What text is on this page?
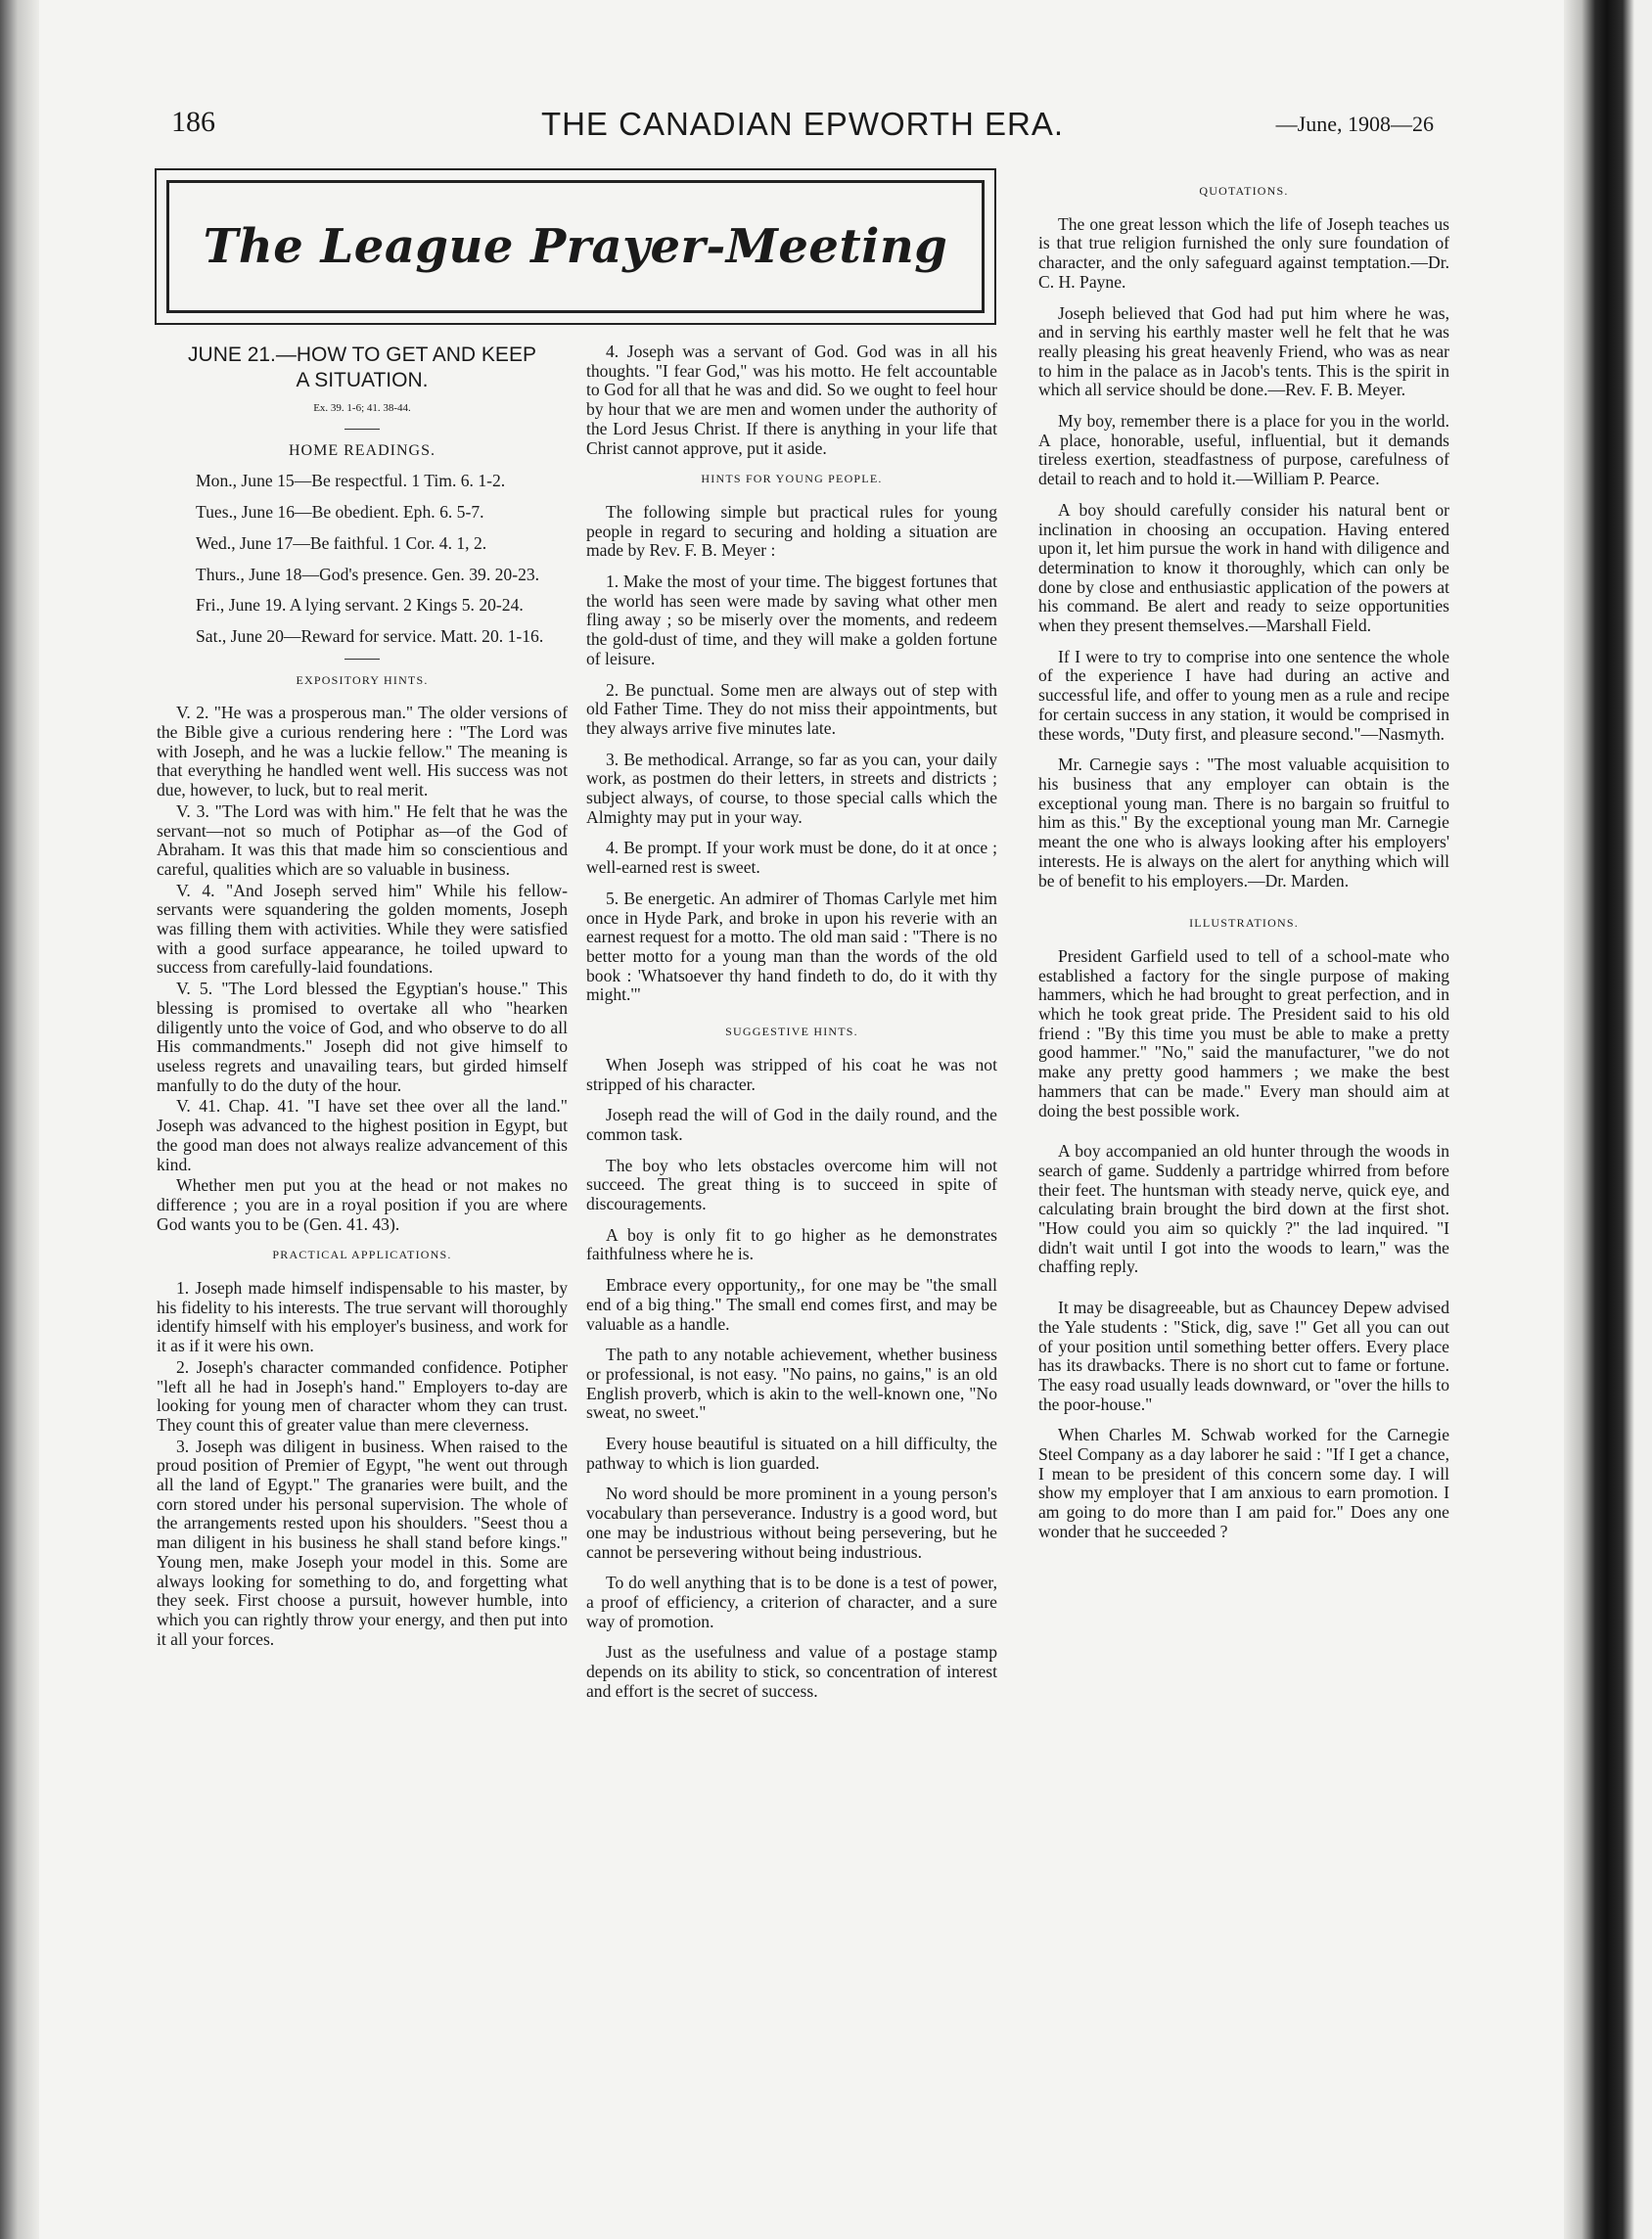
186	THE CANADIAN EPWORTH ERA.	—June, 1908—26
The League Prayer-Meeting
JUNE 21.—HOW TO GET AND KEEP
A SITUATION.
Ex. 39. 1-6; 41. 38-44.
HOME READINGS.

Mon., June 15—Be respectful. 1 Tim. 6. 1-2.

Tues., June 16—Be obedient. Eph. 6. 5-7.

Wed., June 17—Be faithful. 1 Cor. 4. 1, 2.

Thurs., June 18—God's presence. Gen. 39. 20-23.

Fri., June 19. A lying servant. 2 Kings 5. 20-24.

Sat., June 20—Reward for service. Matt. 20. 1-16.

EXPOSITORY HINTS.

V. 2. "He was a prosperous man." The older versions of the Bible give a curious rendering here : "The Lord was with Joseph, and he was a luckie fellow." The meaning is that everything he handled went well. His success was not due, however, to luck, but to real merit.

V. 3. "The Lord was with him." He felt that he was the servant—not so much of Potiphar as—of the God of Abraham. It was this that made him so conscientious and careful, qualities which are so valuable in business.

V. 4. "And Joseph served him" While his fellow-servants were squandering the golden moments, Joseph was filling them with activities. While they were satisfied with a good surface appearance, he toiled upward to success from carefully-laid foundations.

V. 5. "The Lord blessed the Egyptian's house." This blessing is promised to overtake all who "hearken diligently unto the voice of God, and who observe to do all His commandments." Joseph did not give himself to useless regrets and unavailing tears, but girded himself manfully to do the duty of the hour.

V. 41. Chap. 41. "I have set thee over all the land." Joseph was advanced to the highest position in Egypt, but the good man does not always realize advancement of this kind.

Whether men put you at the head or not makes no difference ; you are in a royal position if you are where God wants you to be (Gen. 41. 43).

PRACTICAL APPLICATIONS.

1. Joseph made himself indispensable to his master, by his fidelity to his interests. The true servant will thoroughly identify himself with his employer's business, and work for it as if it were his own.

2. Joseph's character commanded confidence. Potipher "left all he had in Joseph's hand." Employers to-day are looking for young men of character whom they can trust. They count this of greater value than mere cleverness.

3. Joseph was diligent in business. When raised to the proud position of Premier of Egypt, "he went out through all the land of Egypt." The granaries were built, and the corn stored under his personal supervision. The whole of the arrangements rested upon his shoulders. "Seest thou a man diligent in his business he shall stand before kings." Young men, make Joseph your model in this. Some are always looking for something to do, and forgetting what they seek. First choose a pursuit, however humble, into which you can rightly throw your energy, and then put into it all your forces.

4. Joseph was a servant of God. God was in all his thoughts. "I fear God," was his motto. He felt accountable to God for all that he was and did. So we ought to feel hour by hour that we are men and women under the authority of the Lord Jesus Christ. If there is anything in your life that Christ cannot approve, put it aside.

HINTS FOR YOUNG PEOPLE.

The following simple but practical rules for young people in regard to securing and holding a situation are made by Rev. F. B. Meyer :

1. Make the most of your time. The biggest fortunes that the world has seen were made by saving what other men fling away ; so be miserly over the moments, and redeem the gold-dust of time, and they will make a golden fortune of leisure.

2. Be punctual. Some men are always out of step with old Father Time. They do not miss their appointments, but they always arrive five minutes late.

3. Be methodical. Arrange, so far as you can, your daily work, as postmen do their letters, in streets and districts ; subject always, of course, to those special calls which the Almighty may put in your way.

4. Be prompt. If your work must be done, do it at once ; well-earned rest is sweet.

5. Be energetic. An admirer of Thomas Carlyle met him once in Hyde Park, and broke in upon his reverie with an earnest request for a motto. The old man said : "There is no better motto for a young man than the words of the old book : 'Whatsoever thy hand findeth to do, do it with thy might.'"

SUGGESTIVE HINTS.

When Joseph was stripped of his coat he was not stripped of his character.

Joseph read the will of God in the daily round, and the common task.

The boy who lets obstacles overcome him will not succeed. The great thing is to succeed in spite of discouragements.

A boy is only fit to go higher as he demonstrates faithfulness where he is.

Embrace every opportunity,, for one may be "the small end of a big thing." The small end comes first, and may be valuable as a handle.

The path to any notable achievement, whether business or professional, is not easy. "No pains, no gains," is an old English proverb, which is akin to the well-known one, "No sweat, no sweet."

Every house beautiful is situated on a hill difficulty, the pathway to which is lion guarded.

No word should be more prominent in a young person's vocabulary than perseverance. Industry is a good word, but one may be industrious without being persevering, but he cannot be persevering without being industrious.

To do well anything that is to be done is a test of power, a proof of efficiency, a criterion of character, and a sure way of promotion.

Just as the usefulness and value of a postage stamp depends on its ability to stick, so concentration of interest and effort is the secret of success.

QUOTATIONS.

The one great lesson which the life of Joseph teaches us is that true religion furnished the only sure foundation of character, and the only safeguard against temptation.—Dr. C. H. Payne.

Joseph believed that God had put him where he was, and in serving his earthly master well he felt that he was really pleasing his great heavenly Friend, who was as near to him in the palace as in Jacob's tents. This is the spirit in which all service should be done.—Rev. F. B. Meyer.

My boy, remember there is a place for you in the world. A place, honorable, useful, influential, but it demands tireless exertion, steadfastness of purpose, carefulness of detail to reach and to hold it.—William P. Pearce.

A boy should carefully consider his natural bent or inclination in choosing an occupation. Having entered upon it, let him pursue the work in hand with diligence and determination to know it thoroughly, which can only be done by close and enthusiastic application of the powers at his command. Be alert and ready to seize opportunities when they present themselves.—Marshall Field.

If I were to try to comprise into one sentence the whole of the experience I have had during an active and successful life, and offer to young men as a rule and recipe for certain success in any station, it would be comprised in these words, "Duty first, and pleasure second."—Nasmyth.

Mr. Carnegie says : "The most valuable acquisition to his business that any employer can obtain is the exceptional young man. There is no bargain so fruitful to him as this." By the exceptional young man Mr. Carnegie meant the one who is always looking after his employers' interests. He is always on the alert for anything which will be of benefit to his employers.—Dr. Marden.

ILLUSTRATIONS.

President Garfield used to tell of a school-mate who established a factory for the single purpose of making hammers, which he had brought to great perfection, and in which he took great pride. The President said to his old friend : "By this time you must be able to make a pretty good hammer." "No," said the manufacturer, "we do not make any pretty good hammers ; we make the best hammers that can be made." Every man should aim at doing the best possible work.

A boy accompanied an old hunter through the woods in search of game. Suddenly a partridge whirred from before their feet. The huntsman with steady nerve, quick eye, and calculating brain brought the bird down at the first shot. "How could you aim so quickly ?" the lad inquired. "I didn't wait until I got into the woods to learn," was the chaffing reply.

It may be disagreeable, but as Chauncey Depew advised the Yale students : "Stick, dig, save !" Get all you can out of your position until something better offers. Every place has its drawbacks. There is no short cut to fame or fortune. The easy road usually leads downward, or "over the hills to the poor-house."

When Charles M. Schwab worked for the Carnegie Steel Company as a day laborer he said : "If I get a chance, I mean to be president of this concern some day. I will show my employer that I am anxious to earn promotion. I am going to do more than I am paid for." Does any one wonder that he succeeded ?
